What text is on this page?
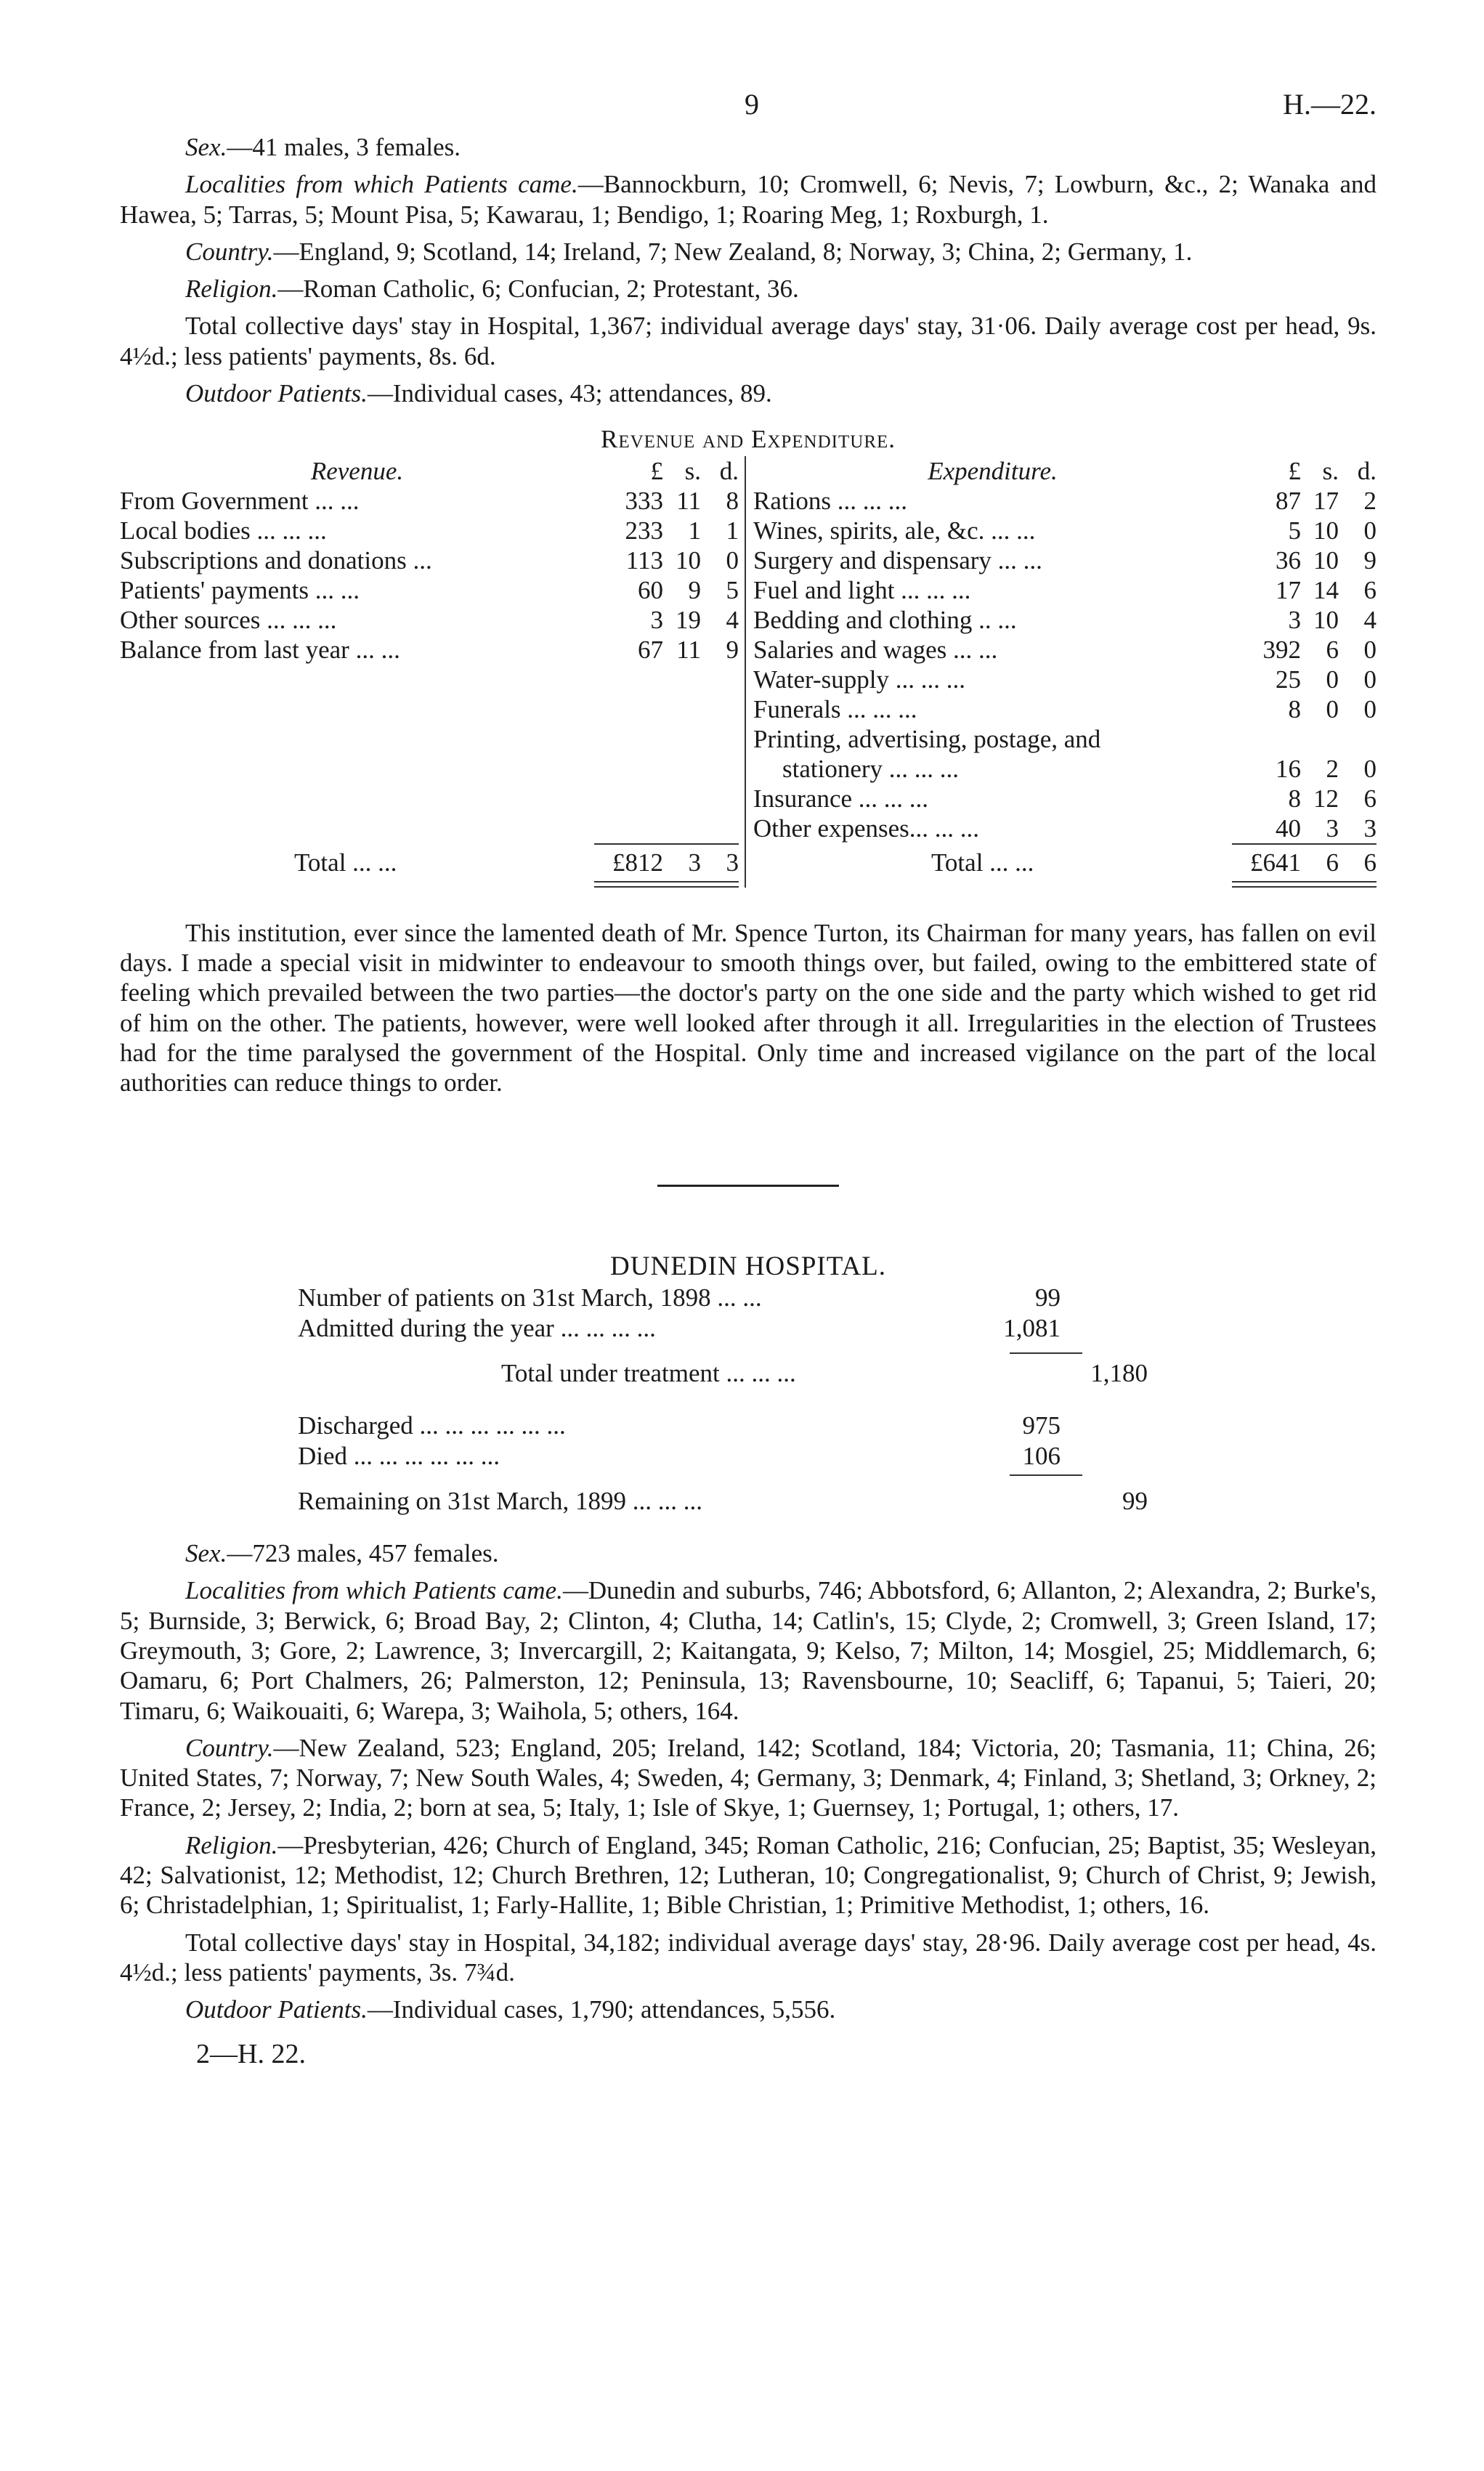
9	H.—22.

Sex.—41 males, 3 females.

Localities from which Patients came.—Bannockburn, 10; Cromwell, 6; Nevis, 7; Lowburn, &c., 2; Wanaka and Hawea, 5; Tarras, 5; Mount Pisa, 5; Kawarau, 1; Bendigo, 1; Roaring Meg, 1; Roxburgh, 1.

Country.—England, 9; Scotland, 14; Ireland, 7; New Zealand, 8; Norway, 3; China, 2; Germany, 1.

Religion.—Roman Catholic, 6; Confucian, 2; Protestant, 36.

Total collective days' stay in Hospital, 1,367; individual average days' stay, 31·06. Daily average cost per head, 9s. 4½d.; less patients' payments, 8s. 6d.

Outdoor Patients.—Individual cases, 43; attendances, 89.

Revenue and Expenditure.
Revenue.	£ s. d.
From Government ... ...	333 11 8
Local bodies ... ... ...	233 1 1
Subscriptions and donations ...	113 10 0
Patients' payments ... ...	60 9 5
Other sources ... ... ...	3 19 4
Balance from last year ... ...	67 11 9
Total ... ...	£812 3 3
Expenditure.	£ s. d.
Rations ... ... ...	87 17 2
Wines, spirits, ale, &c. ... ...	5 10 0
Surgery and dispensary ... ...	36 10 9
Fuel and light ... ... ...	17 14 6
Bedding and clothing .. ...	3 10 4
Salaries and wages ... ...	392 6 0
Water-supply ... ... ...	25 0 0
Funerals ... ... ...	8 0 0
Printing, advertising, postage, and
stationery ... ... ...	16 2 0
Insurance ... ... ...	8 12 6
Other expenses... ... ...	40 3 3
Total ... ...	£641 6 6

This institution, ever since the lamented death of Mr. Spence Turton, its Chairman for many years, has fallen on evil days. I made a special visit in midwinter to endeavour to smooth things over, but failed, owing to the embittered state of feeling which prevailed between the two parties—the doctor's party on the one side and the party which wished to get rid of him on the other. The patients, however, were well looked after through it all. Irregularities in the election of Trustees had for the time paralysed the government of the Hospital. Only time and increased vigilance on the part of the local authorities can reduce things to order.

DUNEDIN HOSPITAL.
Number of patients on 31st March, 1898 ... ...	99
Admitted during the year ... ... ... ...	1,081
Total under treatment ... ... ...	1,180
Discharged ... ... ... ... ... ...	975
Died ... ... ... ... ... ...	106
Remaining on 31st March, 1899 ... ... ...	99

Sex.—723 males, 457 females.

Localities from which Patients came.—Dunedin and suburbs, 746; Abbotsford, 6; Allanton, 2; Alexandra, 2; Burke's, 5; Burnside, 3; Berwick, 6; Broad Bay, 2; Clinton, 4; Clutha, 14; Catlin's, 15; Clyde, 2; Cromwell, 3; Green Island, 17; Greymouth, 3; Gore, 2; Lawrence, 3; Invercargill, 2; Kaitangata, 9; Kelso, 7; Milton, 14; Mosgiel, 25; Middlemarch, 6; Oamaru, 6; Port Chalmers, 26; Palmerston, 12; Peninsula, 13; Ravensbourne, 10; Seacliff, 6; Tapanui, 5; Taieri, 20; Timaru, 6; Waikouaiti, 6; Warepa, 3; Waihola, 5; others, 164.

Country.—New Zealand, 523; England, 205; Ireland, 142; Scotland, 184; Victoria, 20; Tasmania, 11; China, 26; United States, 7; Norway, 7; New South Wales, 4; Sweden, 4; Germany, 3; Denmark, 4; Finland, 3; Shetland, 3; Orkney, 2; France, 2; Jersey, 2; India, 2; born at sea, 5; Italy, 1; Isle of Skye, 1; Guernsey, 1; Portugal, 1; others, 17.

Religion.—Presbyterian, 426; Church of England, 345; Roman Catholic, 216; Confucian, 25; Baptist, 35; Wesleyan, 42; Salvationist, 12; Methodist, 12; Church Brethren, 12; Lutheran, 10; Congregationalist, 9; Church of Christ, 9; Jewish, 6; Christadelphian, 1; Spiritualist, 1; Farly-Hallite, 1; Bible Christian, 1; Primitive Methodist, 1; others, 16.

Total collective days' stay in Hospital, 34,182; individual average days' stay, 28·96. Daily average cost per head, 4s. 4½d.; less patients' payments, 3s. 7¾d.

Outdoor Patients.—Individual cases, 1,790; attendances, 5,556.

2—H. 22.
